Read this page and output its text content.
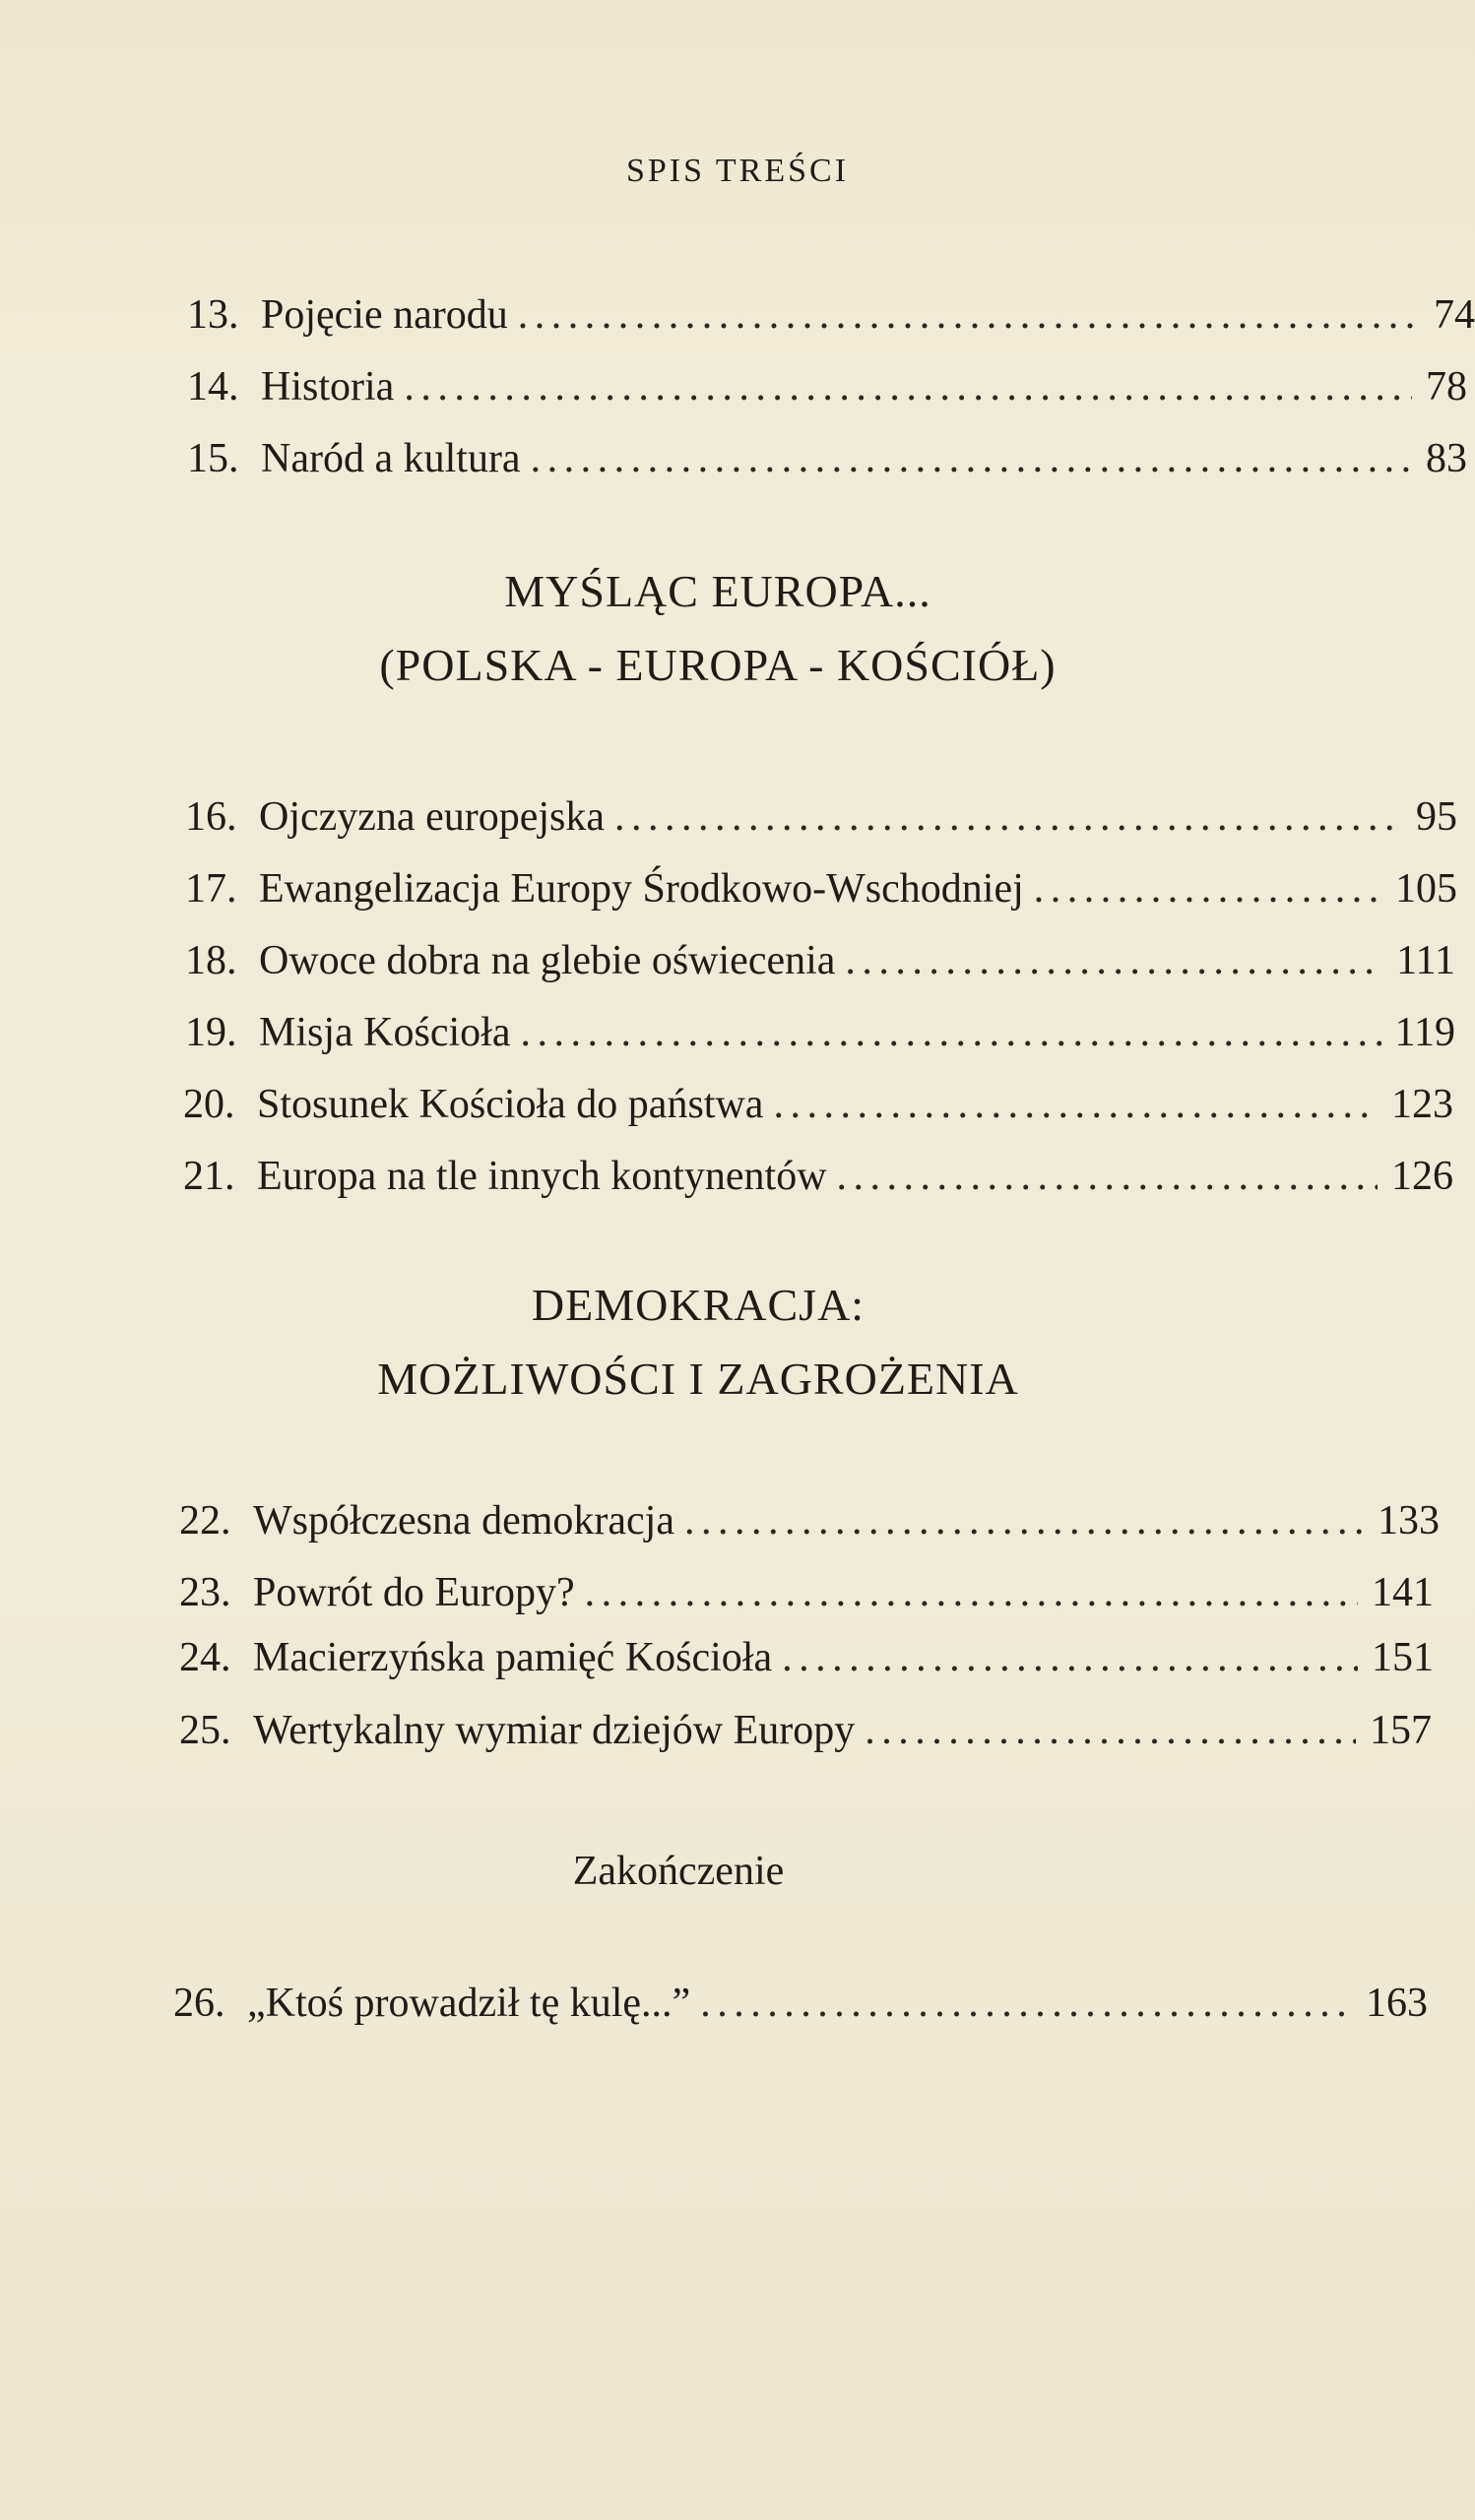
SPIS TREŚCI
13. Pojęcie narodu . . .	74
14. Historia . . .	78
15. Naród a kultura . . .	83
MYŚLĄC EUROPA...
(POLSKA - EUROPA - KOŚCIÓŁ)
16. Ojczyzna europejska . . .	95
17. Ewangelizacja Europy Środkowo-Wschodniej . . .	105
18. Owoce dobra na glebie oświecenia . . .	111
19. Misja Kościoła . . .	119
20. Stosunek Kościoła do państwa . . .	123
21. Europa na tle innych kontynentów . . .	126
DEMOKRACJA:
MOŻLIWOŚCI I ZAGROŻENIA
22. Współczesna demokracja . . .	133
23. Powrót do Europy? . . .	141
24. Macierzyńska pamięć Kościoła . . .	151
25. Wertykalny wymiar dziejów Europy . . .	157
Zakończenie
26. „Ktoś prowadził tę kulę...” . . .	163
